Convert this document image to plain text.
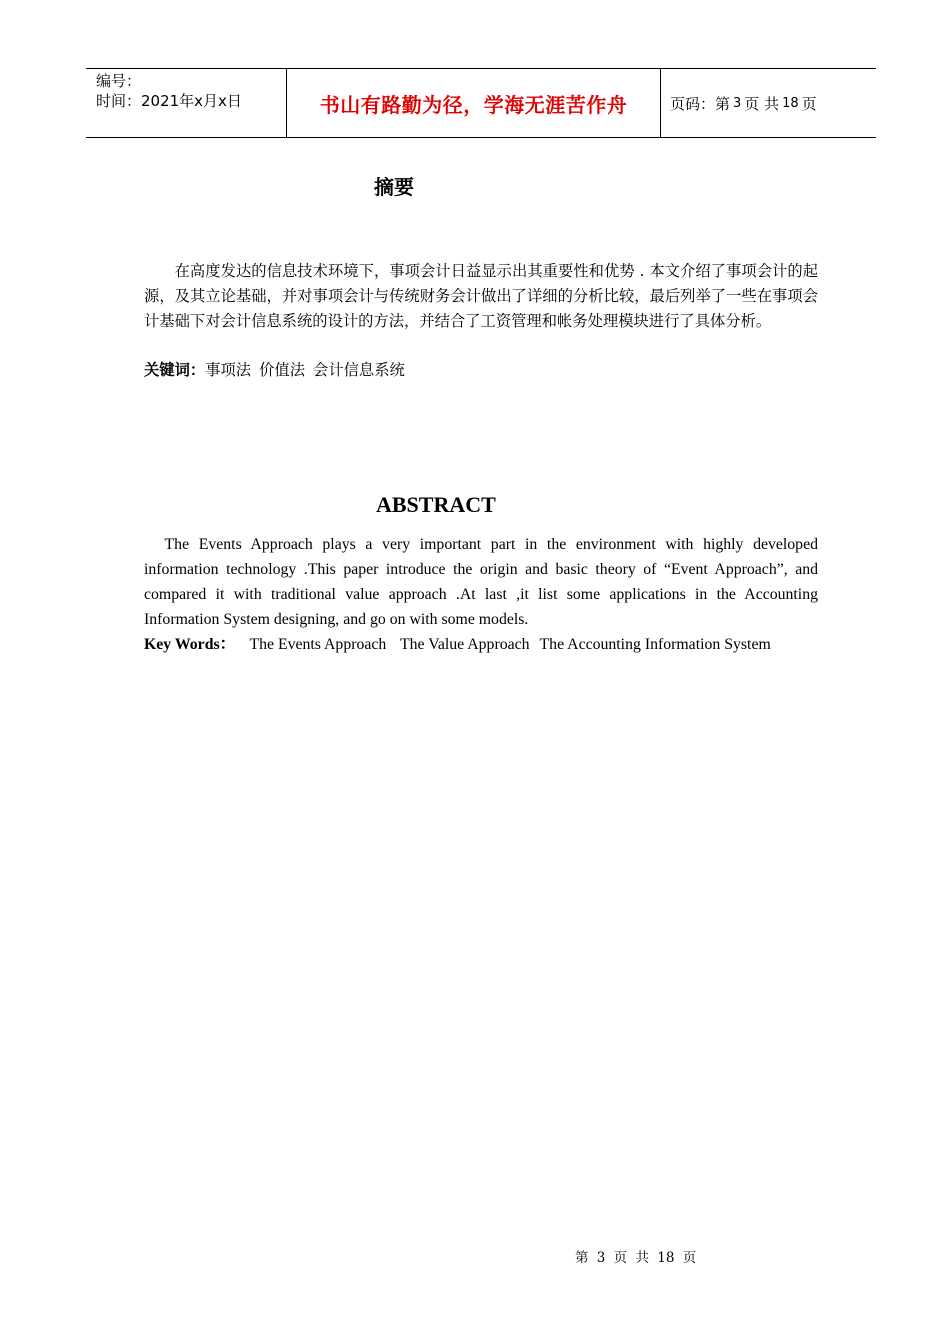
编号：
时间：2021年x月x日	书山有路勤为径，学海无涯苦作舟	页码：第 3 页 共 18 页
摘要
在高度发达的信息技术环境下，事项会计日益显示出其重要性和优势 . 本文介绍了事项会计的起源，及其立论基础，并对事项会计与传统财务会计做出了详细的分析比较，最后列举了一些在事项会计基础下对会计信息系统的设计的方法，并结合了工资管理和帐务处理模块进行了具体分析。
关键词：事项法 价值法 会计信息系统
ABSTRACT
The Events Approach plays a very important part in the environment with highly developed information technology .This paper introduce the origin and basic theory of “Event Approach”, and compared it with traditional value approach .At last ,it list some applications in the Accounting Information System designing, and go on with some models.
Key Words： The Events Approach The Value Approach The Accounting Information System
第 3 页 共 18 页
